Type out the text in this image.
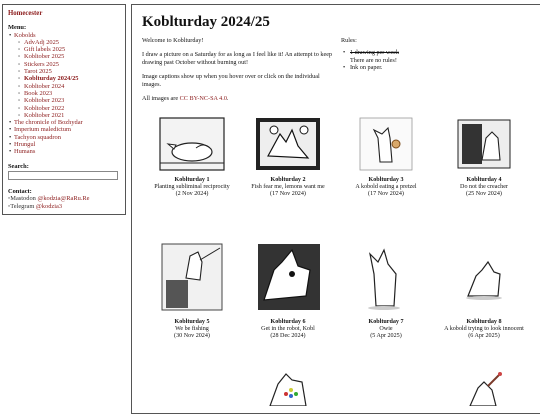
Homecester
Menu:
• Kobolds
◦ AdvAdj 2025
◦ Gift labels 2025
◦ Kobltober 2025
◦ Stickers 2025
◦ Tarot 2025
◦ Koblturday 2024/25
◦ Kobltober 2024
◦ Book 2023
◦ Kobltober 2023
◦ Kobltober 2022
◦ Kobltober 2021
• The chronicle of Bozhydar
• Imperium maledictum
• Tachyon squadron
• Hrungul
• Humans
Search:
Contact:
▫Mastodon @kodzia@RaRu.Re
▫Telegram @kodzia3
Koblturday 2024/25

Welcome to Koblturday!

I draw a picture on a Saturday for as long as I feel like it! An attempt to keep drawing past October without burning out!

Image captions show up when you hover over or click on the individual images.

All images are CC BY-NC-SA 4.0.

Rules:
• 1 drawing per week
There are no rules!
• Ink on paper.
Koblturday 1
Planting subliminal reciprocity
(2 Nov 2024)
Koblturday 2
Fish fear me, lemons want me
(17 Nov 2024)
Koblturday 3
A kobold eating a pretzel
(17 Nov 2024)
Koblturday 4
Do not the creacher
(25 Nov 2024)
Koblturday 5
We be fishing
(30 Nov 2024)
Koblturday 6
Get in the robot, Kobl
(28 Dec 2024)
Koblturday 7
Owie
(5 Apr 2025)
Koblturday 8
A kobold trying to look innocent
(6 Apr 2025)
